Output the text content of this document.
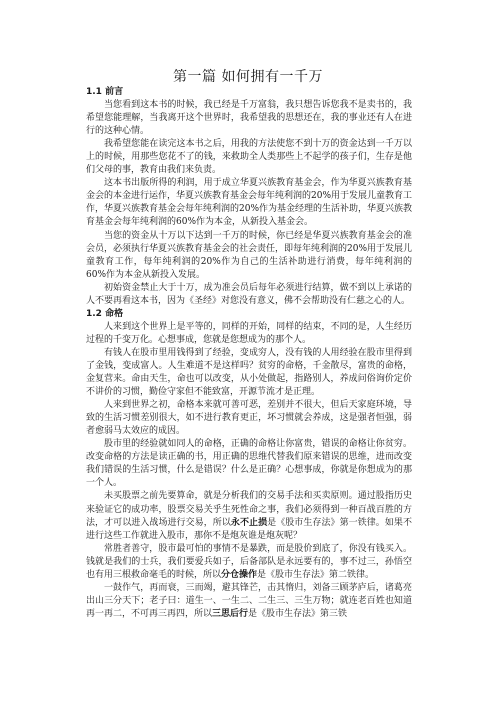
第一篇 如何拥有一千万
1.1 前言

当您看到这本书的时候，我已经是千万富翁，我只想告诉您我不是卖书的，我希望您能理解，当我离开这个世界时，我希望我的思想还在，我的事业还有人在进行的这种心情。

我希望您能在读完这本书之后，用我的方法使您不到十万的资金达到一千万以上的时候，用那些您花不了的钱，来救助全人类那些上不起学的孩子们，生存是他们父母的事，教育由我们来负责。

这本书出版所得的利润，用于成立华夏兴族教育基金会，作为华夏兴族教育基金会的本金进行运作，华夏兴族教育基金会每年纯利润的20%用于发展儿童教育工作，华夏兴族教育基金会每年纯利润的20%作为基金经理的生活补助，华夏兴族教育基金会每年纯利润的60%作为本金，从新投入基金会。

当您的资金从十万以下达到一千万的时候，你已经是华夏兴族教育基金会的准会员，必须执行华夏兴族教育基金会的社会责任，即每年纯利润的20%用于发展儿童教育工作，每年纯利润的20%作为自己的生活补助进行消费，每年纯利润的60%作为本金从新投入发展。

初始资金禁止大于十万，成为准会员后每年必须进行结算，做不到以上承诺的人不要再看这本书，因为《圣经》对您没有意义，佛不会帮助没有仁慈之心的人。

1.2 命格

人来到这个世界上是平等的，同样的开始，同样的结束，不同的是，人生经历过程的千变万化。心想事成，您就是您想成为的那个人。

有钱人在股市里用钱得到了经验，变成穷人，没有钱的人用经验在股市里得到了金钱，变成富人。人生难道不是这样吗？贫穷的命格，千金散尽，富贵的命格，金复营来。命由天生，命也可以改变，从小处做起，指路别人，养成问俗询价定价不讲价的习惯，勤俭守家但不能致富，开源节流才是正理。

人来到世界之初，命格本来就可善可恶，差别并不很大，但后天家庭环境，导致的生活习惯差别很大，如不进行教育更正，坏习惯就会养成，这是强者恒强，弱者愈弱马太效应的成因。

股市里的经验就如同人的命格，正确的命格让你富贵，错误的命格让你贫穷。改变命格的方法是读正确的书，用正确的思维代替我们原来错误的思维，进而改变我们错误的生活习惯，什么是错误？什么是正确？心想事成，你就是你想成为的那一个人。

未买股票之前先要算命，就是分析我们的交易手法和买卖原则。通过股指历史来验证它的成功率，股票交易关乎生死性命之事，我们必须得到一种百战百胜的方法，才可以进入战场进行交易，所以永不止损是《股市生存法》第一铁律。如果不进行这些工作就进入股市，那你不是炮灰谁是炮灰呢？

常胜者善守，股市最可怕的事情不是暴跌，而是股价到底了，你没有钱买入。钱就是我们的士兵，我们要爱兵如子，后备部队是永远要有的，事不过三，孙悟空也有用三根救命毫毛的时候，所以分仓操作是《股市生存法》第二铁律。

一鼓作气，再而衰，三而竭，避其锋芒，击其惰归，刘备三顾茅庐后，诸葛亮出山三分天下；老子曰：道生一、一生二、二生三、三生万物；就连老百姓也知道再一再二，不可再三再四，所以三思后行是《股市生存法》第三铁
